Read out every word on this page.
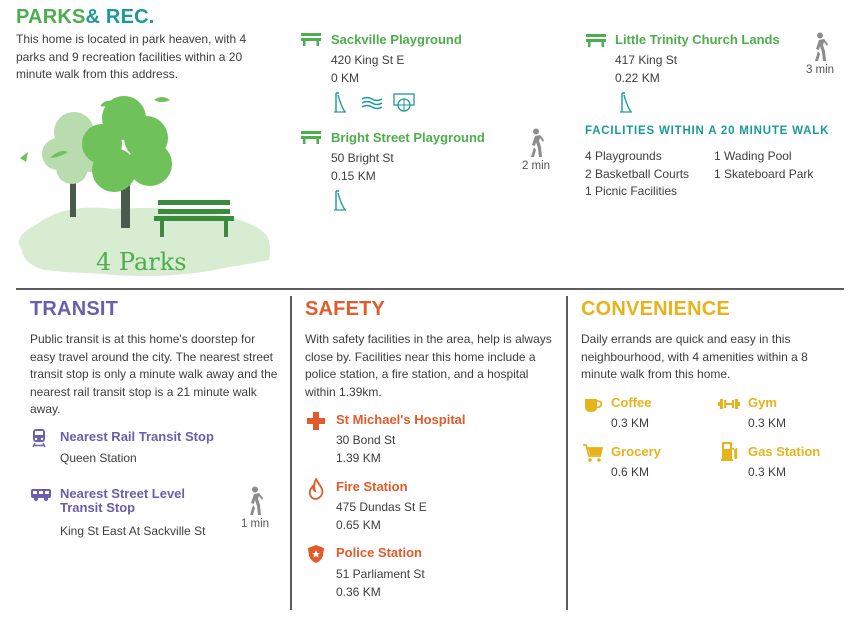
PARKS& REC.
This home is located in park heaven, with 4 parks and 9 recreation facilities within a 20 minute walk from this address.
4 Parks
Sackville Playground
420 King St E
0 KM
Bright Street Playground
50 Bright St
0.15 KM
2 min
Little Trinity Church Lands
417 King St
0.22 KM
3 min
FACILITIES WITHIN A 20 MINUTE WALK
4 Playgrounds
2 Basketball Courts
1 Picnic Facilities
1 Wading Pool
1 Skateboard Park
TRANSIT
Public transit is at this home's doorstep for easy travel around the city. The nearest street transit stop is only a minute walk away and the nearest rail transit stop is a 21 minute walk away.
Nearest Rail Transit Stop
Queen Station
Nearest Street Level
Transit Stop
King St East At Sackville St	1 min
SAFETY
With safety facilities in the area, help is always close by. Facilities near this home include a police station, a fire station, and a hospital within 1.39km.
St Michael's Hospital
30 Bond St
1.39 KM
Fire Station
475 Dundas St E
0.65 KM
Police Station
51 Parliament St
0.36 KM
CONVENIENCE
Daily errands are quick and easy in this neighbourhood, with 4 amenities within a 8 minute walk from this home.
Coffee
0.3 KM
Gym
0.3 KM
Grocery
0.6 KM
Gas Station
0.3 KM
